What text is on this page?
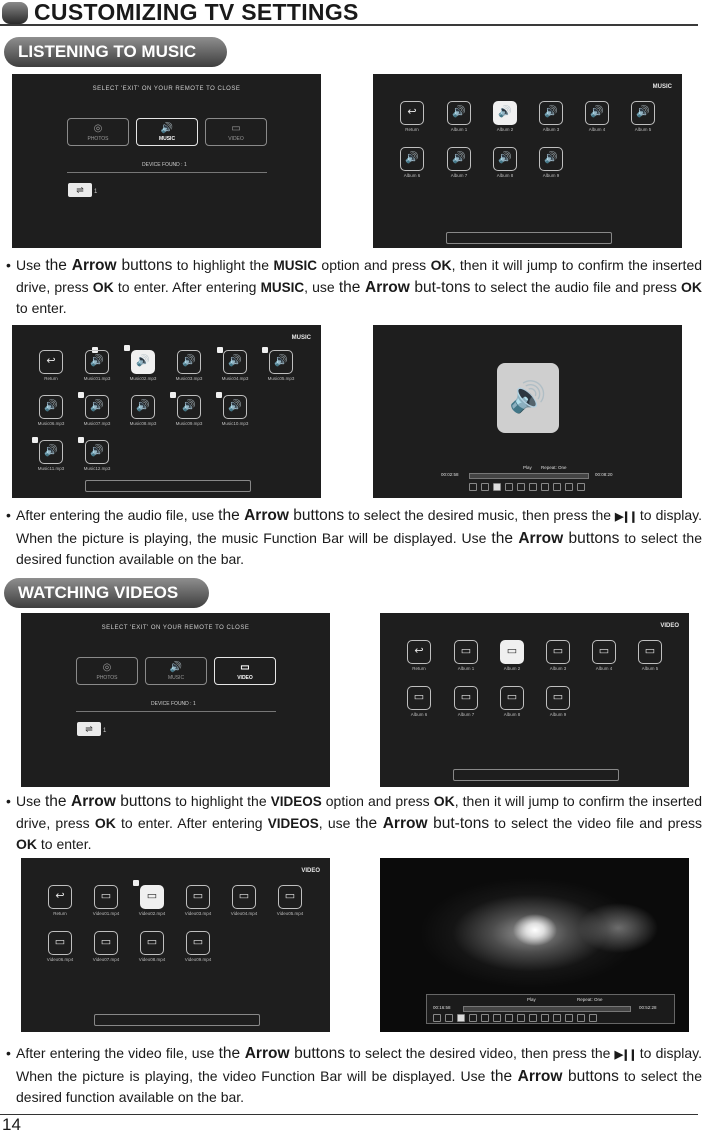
CUSTOMIZING TV SETTINGS
LISTENING TO MUSIC
SELECT 'EXIT' ON YOUR REMOTE TO CLOSE
◎
PHOTOS
🔊
MUSIC
▭
VIDEO
DEVICE FOUND : 1
⇌	1
MUSIC
↩
Return
🔊
Album 1
🔊
Album 2
🔊
Album 3
🔊
Album 4
🔊
Album 5
🔊
Album 6
🔊
Album 7
🔊
Album 8
🔊
Album 9
• Use the Arrow buttons to highlight the MUSIC option and press OK, then it will jump to confirm the inserted drive, press OK to enter. After entering MUSIC, use the Arrow but-tons to select the audio file and press OK to enter.
MUSIC
↩
Return
🔊
Music01.mp3
🔊
Music02.mp3
🔊
Music03.mp3
🔊
Music04.mp3
🔊
Music05.mp3
🔊
Music06.mp3
🔊
Music07.mp3
🔊
Music08.mp3
🔊
Music09.mp3
🔊
Music10.mp3
🔊
Music11.mp3
🔊
Music12.mp3
🔊
00:02:58
Play Repeat: One
00:08:20
• After entering the audio file, use the Arrow buttons to select the desired music, then press the ▶❙❙ to display. When the picture is playing, the music Function Bar will be displayed. Use the Arrow buttons to select the desired function available on the bar.
WATCHING VIDEOS
SELECT 'EXIT' ON YOUR REMOTE TO CLOSE
◎
PHOTOS
🔊
MUSIC
▭
VIDEO
DEVICE FOUND : 1
⇌	1
VIDEO
↩
Return
▭
Album 1
▭
Album 2
▭
Album 3
▭
Album 4
▭
Album 5
▭
Album 6
▭
Album 7
▭
Album 8
▭
Album 9
• Use the Arrow buttons to highlight the VIDEOS option and press OK, then it will jump to confirm the inserted drive, press OK to enter. After entering VIDEOS, use the Arrow but-tons to select the video file and press OK to enter.
VIDEO
↩
Return
▭
Video01.mp4
▭
Video02.mp4
▭
Video03.mp4
▭
Video04.mp4
▭
Video05.mp4
▭
Video06.mp4
▭
Video07.mp4
▭
Video08.mp4
▭
Video09.mp4
00:16:58
Play	Repeat: One
00:52:28
• After entering the video file, use the Arrow buttons to select the desired video, then press the ▶❙❙ to display. When the picture is playing, the video Function Bar will be displayed. Use the Arrow buttons to select the desired function available on the bar.
14
